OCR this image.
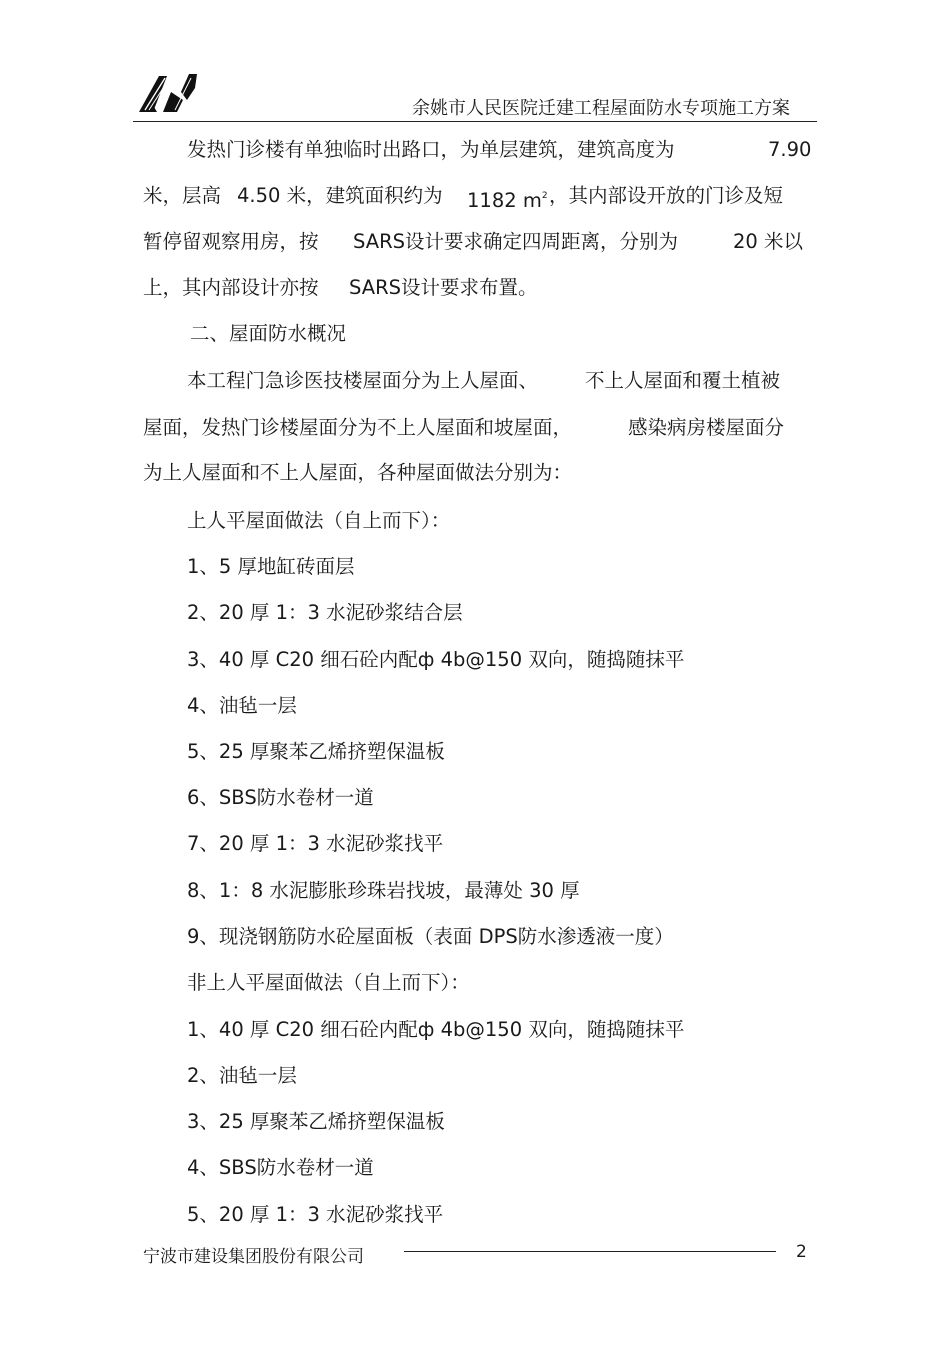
余姚市人民医院迁建工程屋面防水专项施工方案
发热门诊楼有单独临时出路口，为单层建筑，建筑高度为	7.90
米，层高 4.50 米，建筑面积约为 1182 $m^2$ ，其内部设开放的门诊及短
暂停留观察用房，按 SARS设计要求确定四周距离，分别为	20 米以
上，其内部设计亦按 SARS设计要求布置。
二、屋面防水概况
本工程门急诊医技楼屋面分为上人屋面、 不上人屋面和覆土植被
屋面，发热门诊楼屋面分为不上人屋面和坡屋面，	感染病房楼屋面分
为上人屋面和不上人屋面，各种屋面做法分别为：
上人平屋面做法（自上而下）：
1、5 厚地缸砖面层
2、20 厚 1：3 水泥砂浆结合层
3、40 厚 C20 细石砼内配ф 4b@150 双向，随捣随抹平
4、油毡一层
5、25 厚聚苯乙烯挤塑保温板
6、SBS防水卷材一道
7、20 厚 1：3 水泥砂浆找平
8、1：8 水泥膨胀珍珠岩找坡，最薄处 30 厚
9、现浇钢筋防水砼屋面板（表面 DPS防水渗透液一度）
非上人平屋面做法（自上而下）：
1、40 厚 C20 细石砼内配ф 4b@150 双向，随捣随抹平
2、油毡一层
3、25 厚聚苯乙烯挤塑保温板
4、SBS防水卷材一道
5、20 厚 1：3 水泥砂浆找平
宁波市建设集团股份有限公司	2
